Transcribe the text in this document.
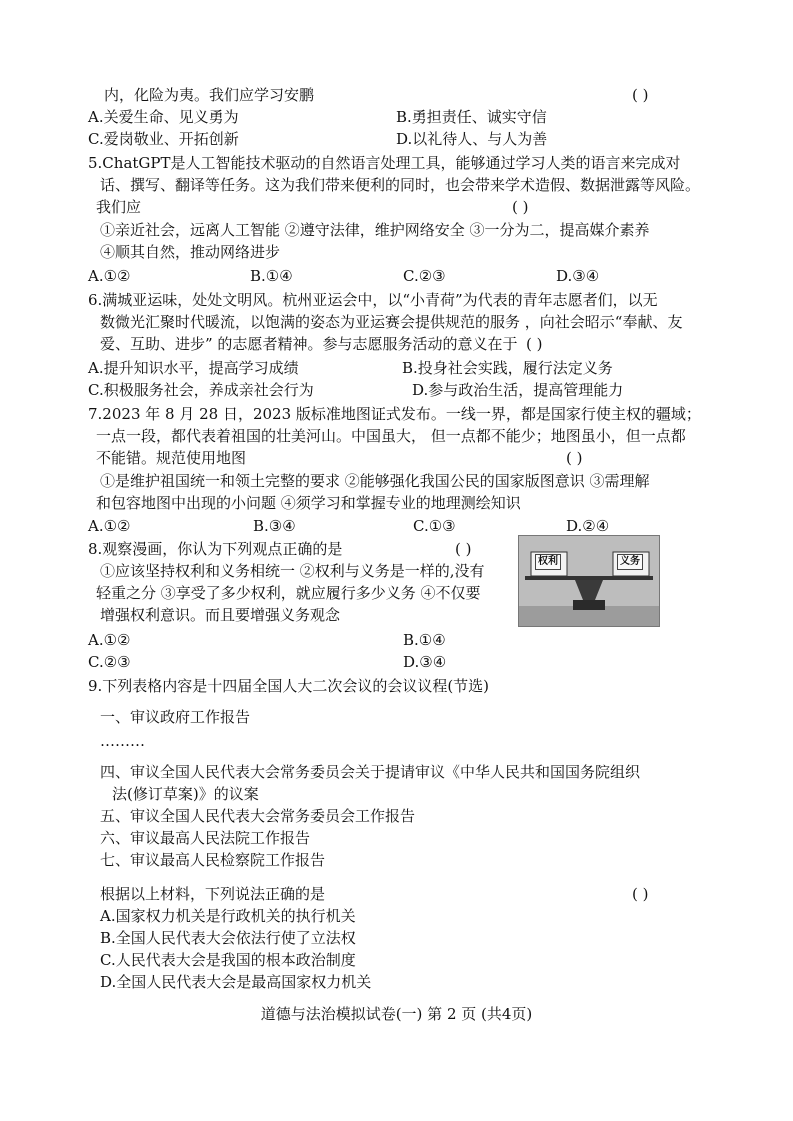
内，化险为夷。我们应学习安鹏	( )
A.关爱生命、见义勇为	B.勇担责任、诚实守信
C.爱岗敬业、开拓创新	D.以礼待人、与人为善
5.ChatGPT是人工智能技术驱动的自然语言处理工具，能够通过学习人类的语言来完成对
话、撰写、翻译等任务。这为我们带来便利的同时，也会带来学术造假、数据泄露等风险。
我们应	( )
①亲近社会，远离人工智能 ②遵守法律，维护网络安全 ③一分为二，提高媒介素养
④顺其自然，推动网络进步
A.①②	B.①④	C.②③	D.③④
6.满城亚运味，处处文明风。杭州亚运会中，以“小青荷”为代表的青年志愿者们，以无
数微光汇聚时代暖流，以饱满的姿态为亚运赛会提供规范的服务 ，向社会昭示“奉献、友
爱、互助、进步” 的志愿者精神。参与志愿服务活动的意义在于 ( )
A.提升知识水平，提高学习成绩	B.投身社会实践，履行法定义务
C.积极服务社会，养成亲社会行为	D.参与政治生活，提高管理能力
7.2023 年 8 月 28 日，2023 版标准地图证式发布。一线一界，都是国家行使主权的疆域；
一点一段，都代表着祖国的壮美河山。中国虽大， 但一点都不能少；地图虽小，但一点都
不能错。规范使用地图	( )
①是维护祖国统一和领土完整的要求 ②能够强化我国公民的国家版图意识 ③需理解
和包容地图中出现的小问题 ④须学习和掌握专业的地理测绘知识
A.①②	B.③④	C.①③	D.②④
8.观察漫画，你认为下列观点正确的是	( )
①应该坚持权利和义务相统一 ②权利与义务是一样的,没有
轻重之分 ③享受了多少权利，就应履行多少义务 ④不仅要
增强权利意识。而且要增强义务观念
权利	义务
A.①②	B.①④
C.②③	D.③④
9.下列表格内容是十四届全国人大二次会议的会议议程(节选)
一、审议政府工作报告
………
四、审议全国人民代表大会常务委员会关于提请审议《中华人民共和国国务院组织
法(修订草案)》的议案
五、审议全国人民代表大会常务委员会工作报告
六、审议最高人民法院工作报告
七、审议最高人民检察院工作报告
根据以上材料，下列说法正确的是	( )
A.国家权力机关是行政机关的执行机关
B.全国人民代表大会依法行使了立法权
C.人民代表大会是我国的根本政治制度
D.全国人民代表大会是最高国家权力机关
道德与法治模拟试卷(一) 第 2 页 (共4页)
